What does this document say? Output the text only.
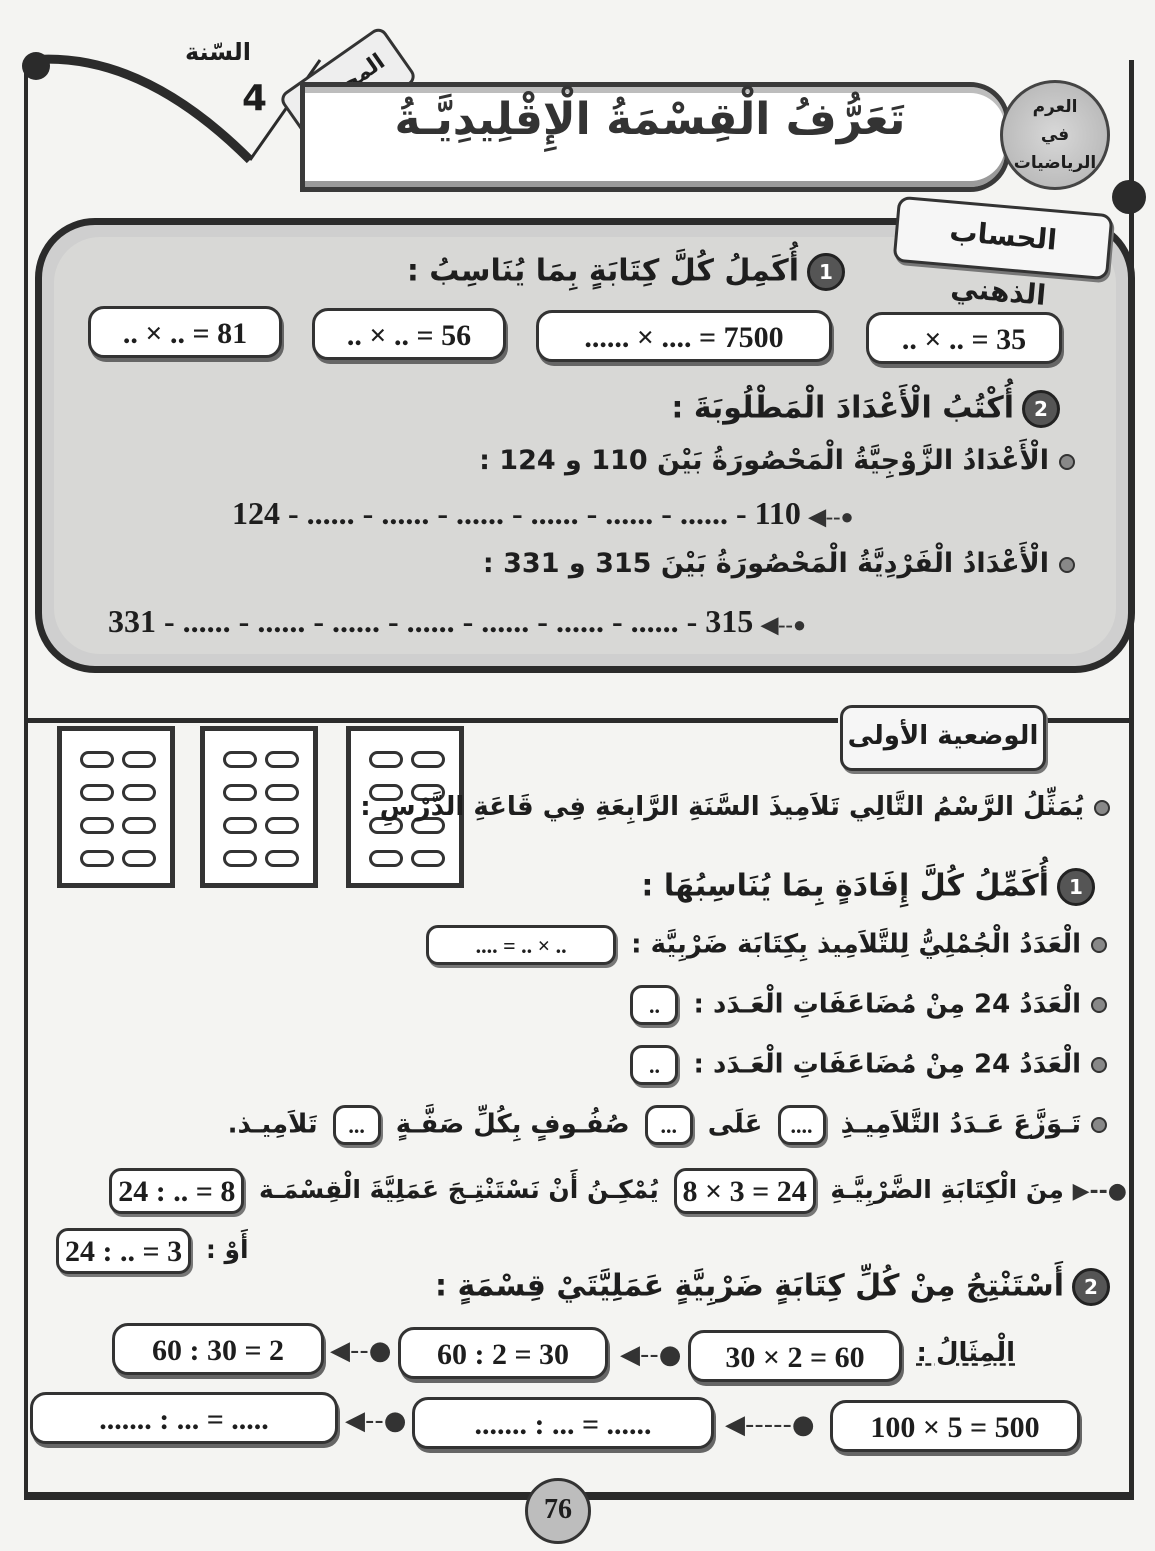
السّنة
4	تَعَرُّفُ الْقِسْمَةُ الْإِقْلِيدِيَّـةُ	العرم
في
الرياضيات
الحساب الذهني
1أُكَمِلُ كُلَّ كِتَابَةٍ بِمَا يُنَاسِبُ :
.. × .. = 35
...... × .... = 7500
.. × .. = 56
.. × .. = 81
2أُكْتُبُ الْأَعْدَادَ الْمَطْلُوبَةَ :
الْأَعْدَادُ الزَّوْجِيَّةُ الْمَحْصُورَةُ بَيْنَ 110 و 124 :
124 - ...... - ...... - ...... - ...... - ...... - ...... - 110 ◀--●
الْأَعْدَادُ الْفَرْدِيَّةُ الْمَحْصُورَةُ بَيْنَ 315 و 331 :
331 - ...... - ...... - ...... - ...... - ...... - ...... - ...... - 315 ◀--●
الوضعية الأولى
يُمَثِّلُ الرَّسْمُ التَّالِي تَلاَمِيذَ السَّنَةِ الرَّابِعَةِ فِي قَاعَةِ الدَّرْسِ :
1أُكَمِّلُ كُلَّ إِفَادَةٍ بِمَا يُنَاسِبُهَا :
الْعَدَدُ الْجُمْلِيُّ لِلتَّلاَمِيذ بِكِتَابَة ضَرْبِيَّة : .... = .. × ..
الْعَدَدُ 24 مِنْ مُضَاعَفَاتِ الْعَـدَد : ..
الْعَدَدُ 24 مِنْ مُضَاعَفَاتِ الْعَـدَد : ..
تَـوَزَّعَ عَـدَدُ التَّلاَمِيـذِ .... عَلَى ... صُفُـوفٍ بِكُلِّ صَفَّـةٍ ... تَلاَمِيـذ.
●--▶ مِنَ الْكِتَابَةِ الضَّرْبِيَّـةِ 8 × 3 = 24 يُمْكِـنُ أَنْ نَسْتَنْتِـجَ عَمَلِيَّةَ الْقِسْمَـة 24 : .. = 8
أَوْ : 24 : .. = 3
2أَسْتَنْتِجُ مِنْ كُلِّ كِتَابَةٍ ضَرْبِيَّةٍ عَمَلِيَّتَيْ قِسْمَةٍ :
الْمِثَالُ :
30 × 2 = 60
◀--●
60 : 2 = 30
◀--●
60 : 30 = 2
100 × 5 = 500
◀-----●
....... : ... = ......
◀--●
....... : ... = .....
76
